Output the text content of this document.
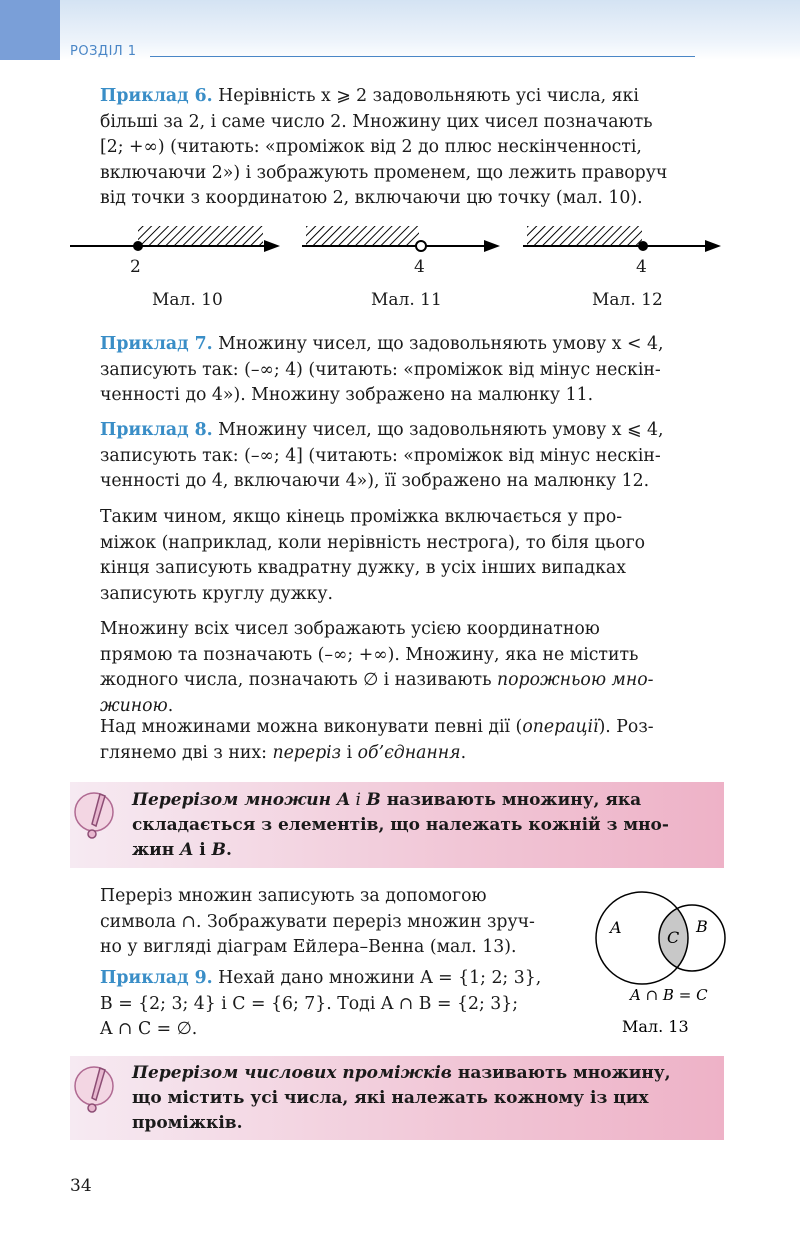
РОЗДІЛ 1
Приклад 6. Нерівність x ⩾ 2 задовольняють усі числа, які
більші за 2, і саме число 2. Множину цих чисел позначають
[2; +∞) (читають: «проміжок від 2 до плюс нескінченності,
включаючи 2») і зображують променем, що лежить праворуч
від точки з координатою 2, включаючи цю точку (мал. 10).
2
Мал. 10
4
Мал. 11
4
Мал. 12
Приклад 7. Множину чисел, що задовольняють умову x < 4,
записують так: (–∞; 4) (читають: «проміжок від мінус нескін-
ченності до 4»). Множину зображено на малюнку 11.
Приклад 8. Множину чисел, що задовольняють умову x ⩽ 4,
записують так: (–∞; 4] (читають: «проміжок від мінус нескін-
ченності до 4, включаючи 4»), її зображено на малюнку 12.
Таким чином, якщо кінець проміжка включається у про-
міжок (наприклад, коли нерівність нестрога), то біля цього
кінця записують квадратну дужку, в усіх інших випадках
записують круглу дужку.
Множину всіх чисел зображають усією координатною
прямою та позначають (–∞; +∞). Множину, яка не містить
жодного числа, позначають ∅ і називають порожньою мно-
жиною.
Над множинами можна виконувати певні дії (операції). Роз-
глянемо дві з них: переріз і об’єднання.
Перерізом множин A і B називають множину, яка
складається з елементів, що належать кожній з мно-
жин A і B.
Переріз множин записують за допомогою
символа ∩. Зображувати переріз множин зруч-
но у вигляді діаграм Ейлера–Венна (мал. 13).
Приклад 9. Нехай дано множини A = {1; 2; 3},
B = {2; 3; 4} і C = {6; 7}. Тоді A ∩ B = {2; 3};
A ∩ C = ∅.
A
C
B
A ∩ B = C
Мал. 13
Перерізом числових проміжків називають множину,
що містить усі числа, які належать кожному із цих
проміжків.
34
